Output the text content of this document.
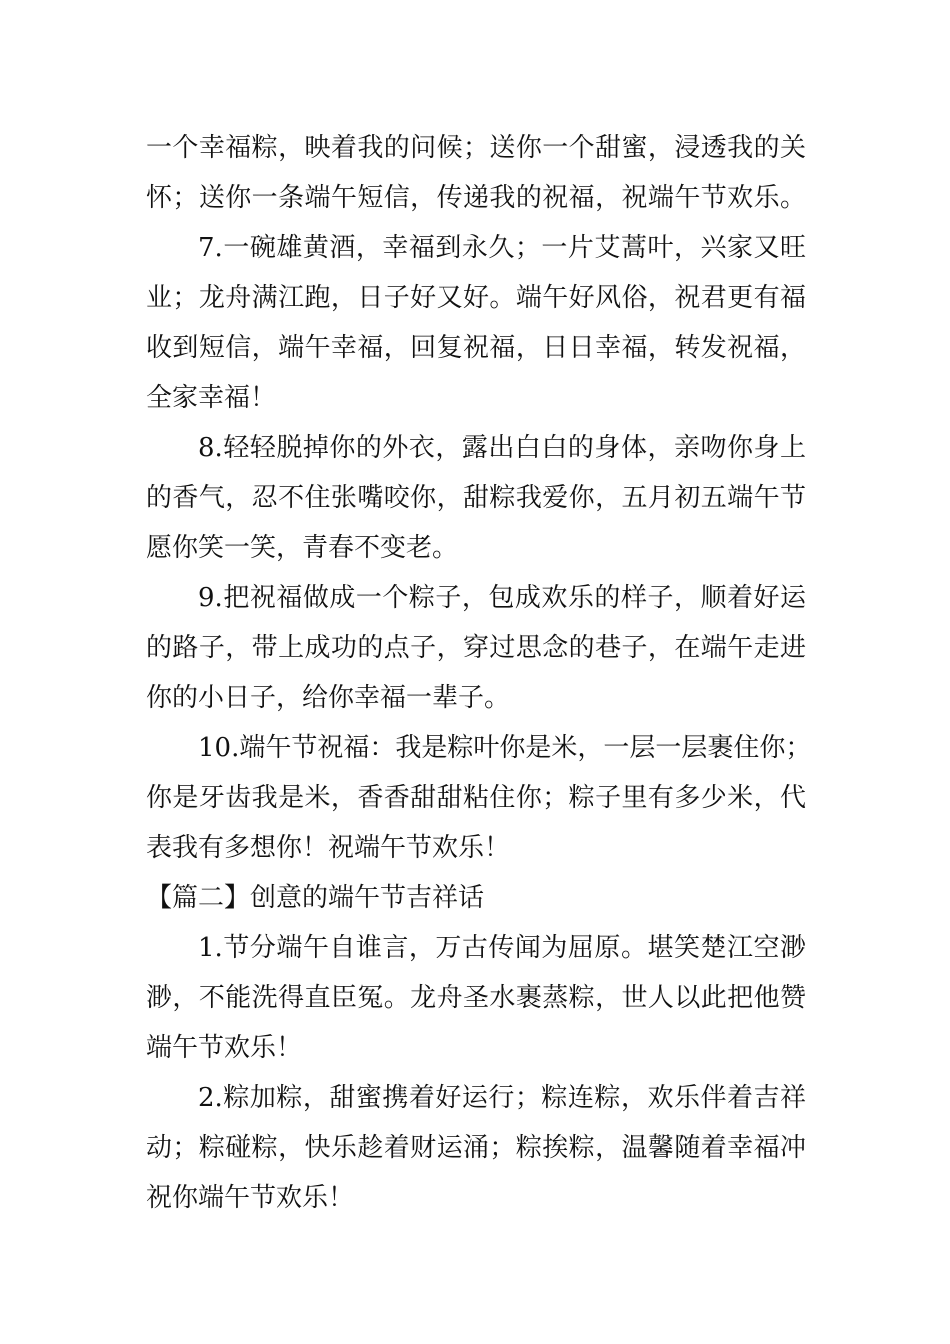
一个幸福粽，映着我的问候；送你一个甜蜜，浸透我的关
怀；送你一条端午短信，传递我的祝福，祝端午节欢乐。
7.一碗雄黄酒，幸福到永久；一片艾蒿叶，兴家又旺
业；龙舟满江跑，日子好又好。端午好风俗，祝君更有福
收到短信，端午幸福，回复祝福，日日幸福，转发祝福，
全家幸福！
8.轻轻脱掉你的外衣，露出白白的身体，亲吻你身上
的香气，忍不住张嘴咬你，甜粽我爱你，五月初五端午节
愿你笑一笑，青春不变老。
9.把祝福做成一个粽子，包成欢乐的样子，顺着好运
的路子，带上成功的点子，穿过思念的巷子，在端午走进
你的小日子，给你幸福一辈子。
10.端午节祝福：我是粽叶你是米，一层一层裹住你；
你是牙齿我是米，香香甜甜粘住你；粽子里有多少米，代
表我有多想你！祝端午节欢乐！
【篇二】创意的端午节吉祥话
1.节分端午自谁言，万古传闻为屈原。堪笑楚江空渺
渺，不能洗得直臣冤。龙舟圣水裹蒸粽，世人以此把他赞
端午节欢乐！
2.粽加粽，甜蜜携着好运行；粽连粽，欢乐伴着吉祥
动；粽碰粽，快乐趁着财运涌；粽挨粽，温馨随着幸福冲
祝你端午节欢乐！
